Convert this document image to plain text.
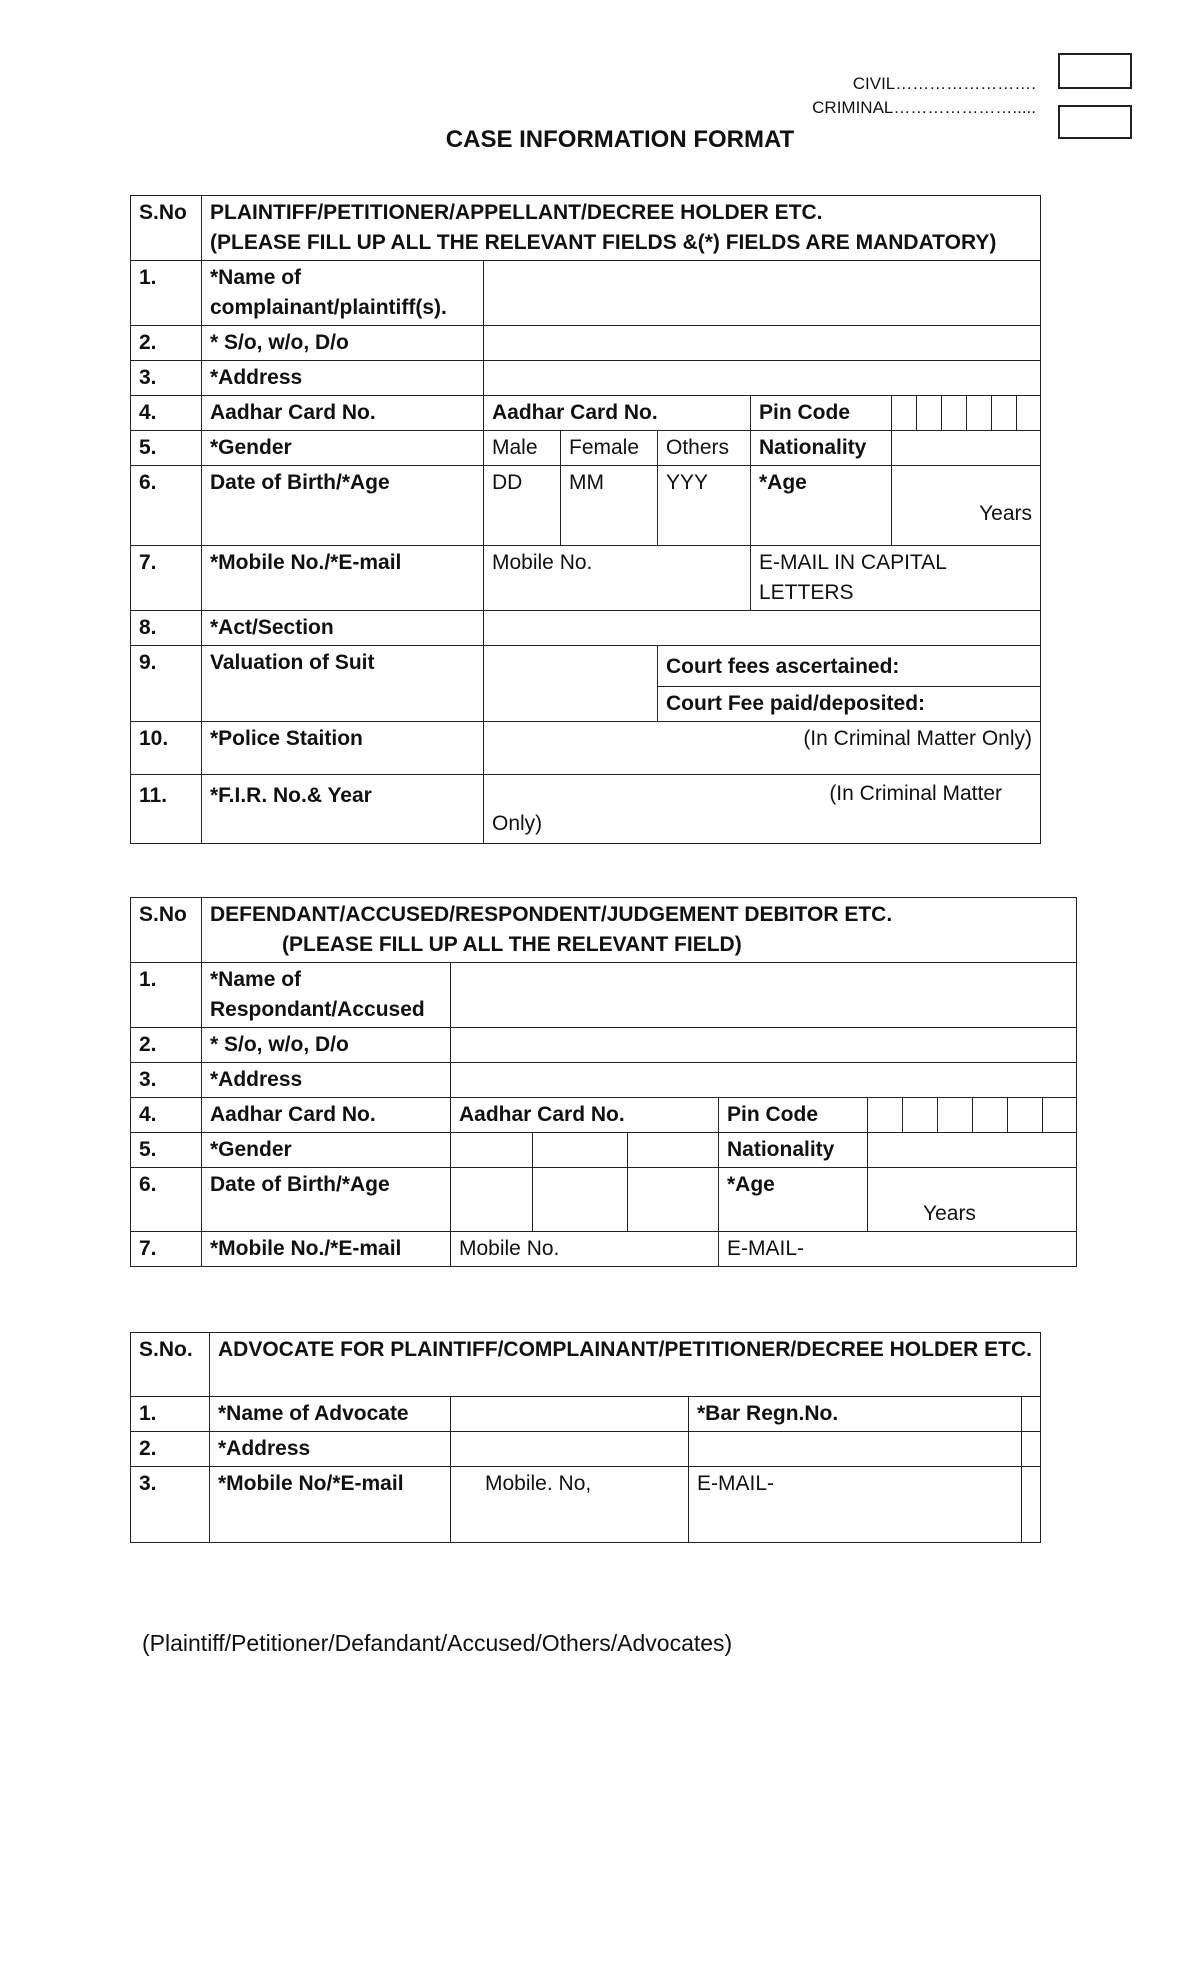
CIVIL…………………….
CRIMINAL………………….....
CASE INFORMATION FORMAT
S.No	PLAINTIFF/PETITIONER/APPELLANT/DECREE HOLDER ETC.
(PLEASE FILL UP ALL THE RELEVANT FIELDS &(*) FIELDS ARE MANDATORY)										

1.	*Name of complainant/plaintiff(s).										
2.	* S/o, w/o, D/o										
3.	*Address										
4.	Aadhar Card No.	Aadhar Card No.			Pin Code						
5.	*Gender	Male	Female	Others	Nationality						
6.	Date of Birth/*Age	DD	MM	YYY	*Age	Years					
7.	*Mobile No./*E-mail	Mobile No.			E-MAIL IN CAPITAL LETTERS						
8.	*Act/Section										
9.	Valuation of Suit			Court fees ascertained:							
				Court Fee paid/deposited:							
10.	*Police Staition	(In Criminal Matter Only)									
11.	*F.I.R. No.& Year	(In Criminal Matter
Only)									
S.No	DEFENDANT/ACCUSED/RESPONDENT/JUDGEMENT DEBITOR ETC.
(PLEASE FILL UP ALL THE RELEVANT FIELD)										

1.	*Name of Respondant/Accused										
2.	* S/o, w/o, D/o										
3.	*Address										
4.	Aadhar Card No.	Aadhar Card No.			Pin Code						
5.	*Gender				Nationality						
6.	Date of Birth/*Age				*Age	Years					
7.	*Mobile No./*E-mail	Mobile No.			E-MAIL-						
S.No.	ADVOCATE FOR PLAINTIFF/COMPLAINANT/PETITIONER/DECREE HOLDER ETC.			
1.	*Name of Advocate		*Bar Regn.No.	
2.	*Address			
3.	*Mobile No/*E-mail	Mobile. No,	E-MAIL-	
(Plaintiff/Petitioner/Defandant/Accused/Others/Advocates)
